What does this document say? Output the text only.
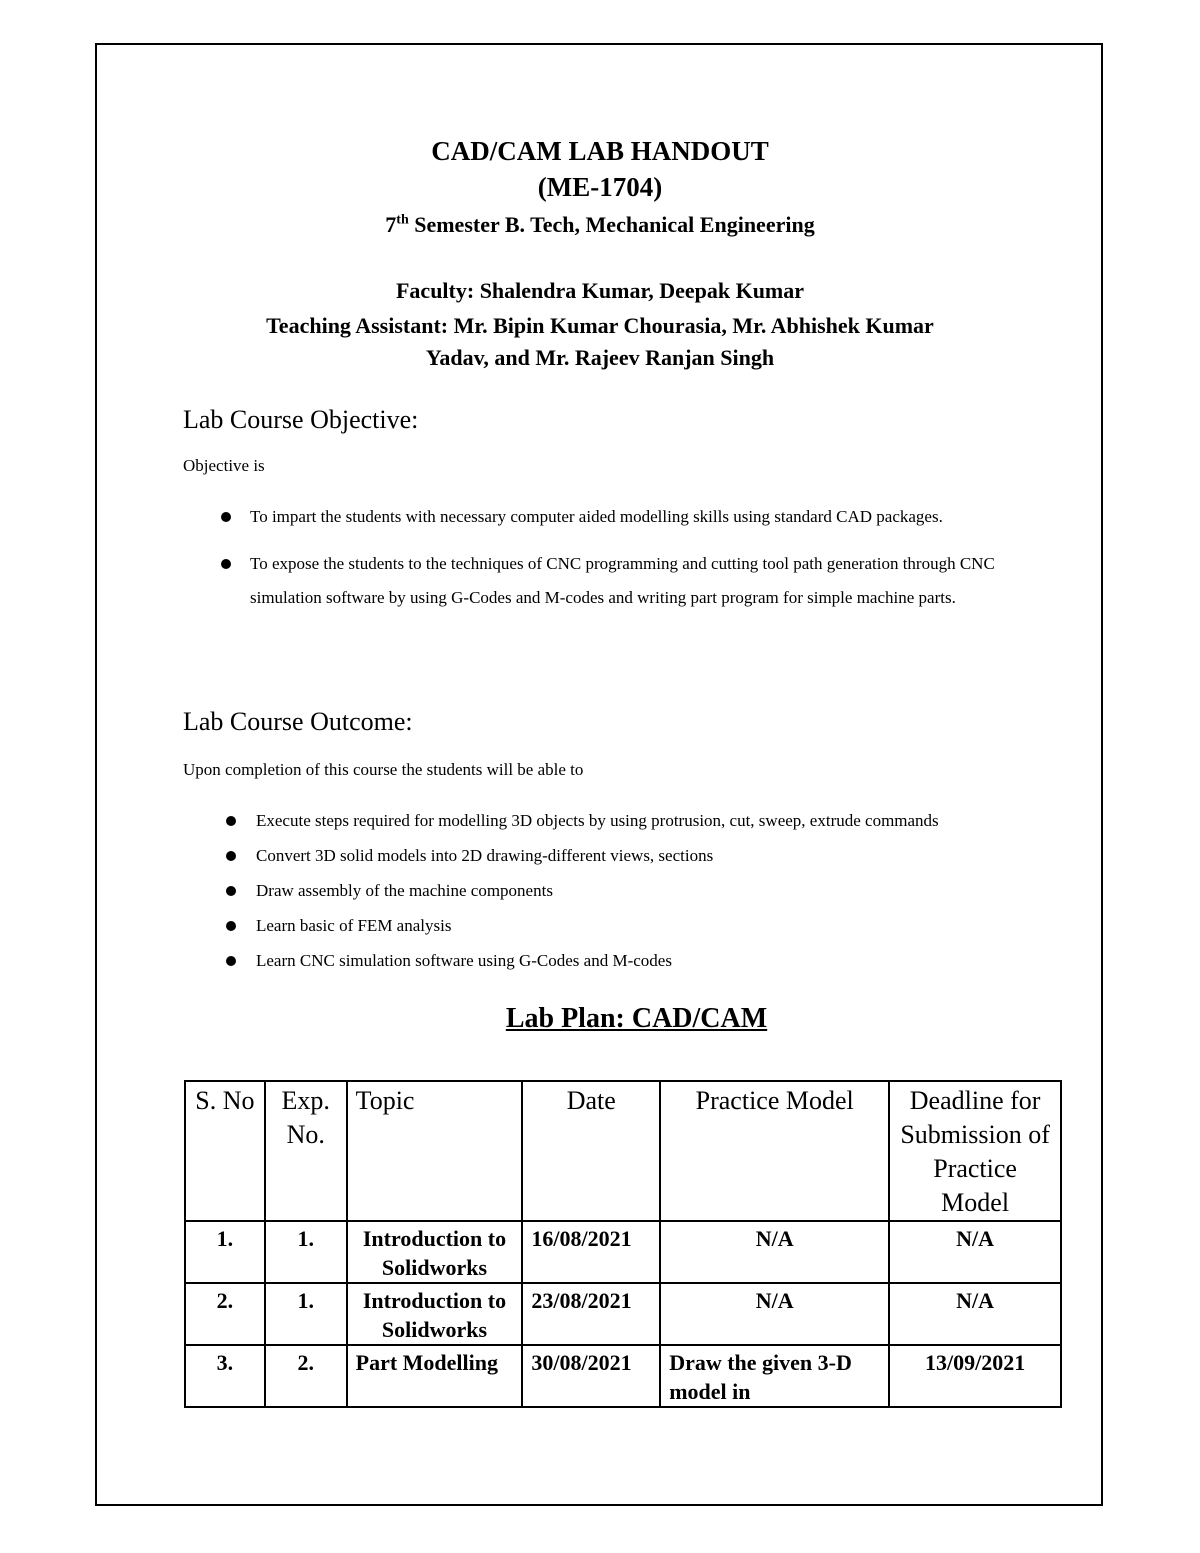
CAD/CAM LAB HANDOUT
(ME-1704)
7th Semester B. Tech, Mechanical Engineering
Faculty: Shalendra Kumar, Deepak Kumar
Teaching Assistant: Mr. Bipin Kumar Chourasia, Mr. Abhishek Kumar
Yadav, and Mr. Rajeev Ranjan Singh
Lab Course Objective:
Objective is
To impart the students with necessary computer aided modelling skills using standard CAD packages.
To expose the students to the techniques of CNC programming and cutting tool path generation through CNC simulation software by using G-Codes and M-codes and writing part program for simple machine parts.
Lab Course Outcome:
Upon completion of this course the students will be able to
Execute steps required for modelling 3D objects by using protrusion, cut, sweep, extrude commands
Convert 3D solid models into 2D drawing-different views, sections
Draw assembly of the machine components
Learn basic of FEM analysis
Learn CNC simulation software using G-Codes and M-codes
Lab Plan: CAD/CAM
S. No	Exp. No.	Topic	Date	Practice Model	Deadline for Submission of Practice Model
1.	1.	Introduction to Solidworks	16/08/2021	N/A	N/A
2.	1.	Introduction to Solidworks	23/08/2021	N/A	N/A
3.	2.	Part Modelling	30/08/2021	Draw the given 3-D model in	13/09/2021
